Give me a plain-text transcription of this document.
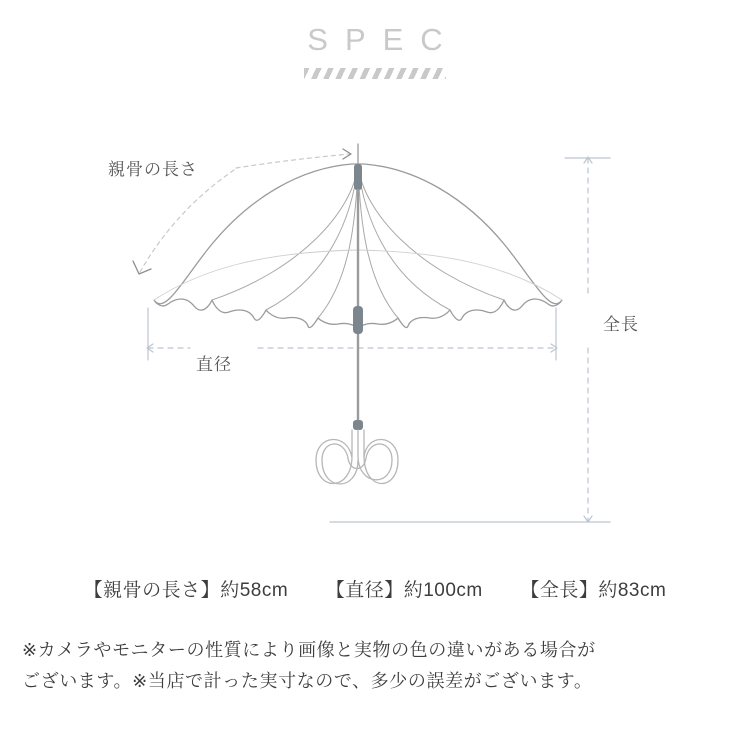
SPEC
親骨の長さ
直径
全長
【親骨の長さ】約58cm 【直径】約100cm 【全長】約83cm
※カメラやモニターの性質により画像と実物の色の違いがある場合が
ございます。※当店で計った実寸なので、多少の誤差がございます。
